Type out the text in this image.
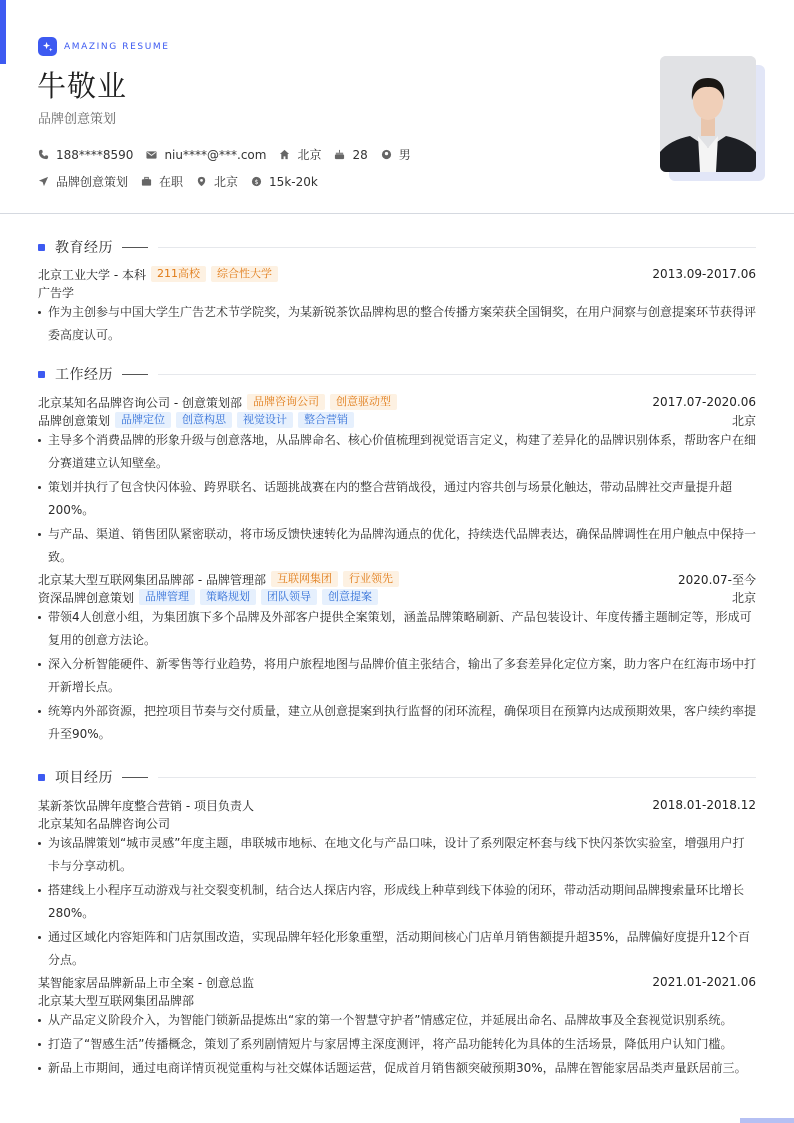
AMAZING RESUME
牛敬业
品牌创意策划
188****8590	niu****@***.com	北京	28	男
品牌创意策划	在职	北京 $ 15k-20k
教育经历
北京工业大学 - 本科	211高校	综合性大学	2013.09-2017.06
广告学
作为主创参与中国大学生广告艺术节学院奖，为某新锐茶饮品牌构思的整合传播方案荣获全国铜奖，在用户洞察与创意提案环节获得评委高度认可。
工作经历
北京某知名品牌咨询公司 - 创意策划部	品牌咨询公司	创意驱动型	2017.07-2020.06
品牌创意策划	品牌定位	创意构思	视觉设计	整合营销	北京
主导多个消费品牌的形象升级与创意落地，从品牌命名、核心价值梳理到视觉语言定义，构建了差异化的品牌识别体系，帮助客户在细分赛道建立认知壁垒。
策划并执行了包含快闪体验、跨界联名、话题挑战赛在内的整合营销战役，通过内容共创与场景化触达，带动品牌社交声量提升超200%。
与产品、渠道、销售团队紧密联动，将市场反馈快速转化为品牌沟通点的优化，持续迭代品牌表达，确保品牌调性在用户触点中保持一致。
北京某大型互联网集团品牌部 - 品牌管理部	互联网集团	行业领先	2020.07-至今
资深品牌创意策划	品牌管理	策略规划	团队领导	创意提案	北京
带领4人创意小组，为集团旗下多个品牌及外部客户提供全案策划，涵盖品牌策略刷新、产品包装设计、年度传播主题制定等，形成可复用的创意方法论。
深入分析智能硬件、新零售等行业趋势，将用户旅程地图与品牌价值主张结合，输出了多套差异化定位方案，助力客户在红海市场中打开新增长点。
统筹内外部资源，把控项目节奏与交付质量，建立从创意提案到执行监督的闭环流程，确保项目在预算内达成预期效果，客户续约率提升至90%。
项目经历
某新茶饮品牌年度整合营销 - 项目负责人	2018.01-2018.12
北京某知名品牌咨询公司
为该品牌策划“城市灵感”年度主题，串联城市地标、在地文化与产品口味，设计了系列限定杯套与线下快闪茶饮实验室，增强用户打卡与分享动机。
搭建线上小程序互动游戏与社交裂变机制，结合达人探店内容，形成线上种草到线下体验的闭环，带动活动期间品牌搜索量环比增长280%。
通过区域化内容矩阵和门店氛围改造，实现品牌年轻化形象重塑，活动期间核心门店单月销售额提升超35%，品牌偏好度提升12个百分点。
某智能家居品牌新品上市全案 - 创意总监	2021.01-2021.06
北京某大型互联网集团品牌部
从产品定义阶段介入，为智能门锁新品提炼出“家的第一个智慧守护者”情感定位，并延展出命名、品牌故事及全套视觉识别系统。
打造了“智感生活”传播概念，策划了系列剧情短片与家居博主深度测评，将产品功能转化为具体的生活场景，降低用户认知门槛。
新品上市期间，通过电商详情页视觉重构与社交媒体话题运营，促成首月销售额突破预期30%，品牌在智能家居品类声量跃居前三。
